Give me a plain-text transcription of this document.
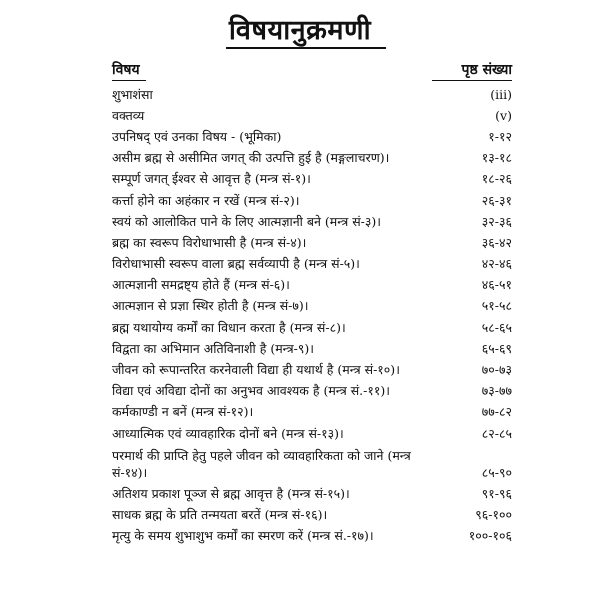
विषयानुक्रमणी
विषय	पृष्ठ संख्या
शुभाशंसा	(iii)
वक्तव्य	(v)
उपनिषद् एवं उनका विषय - (भूमिका)	१-१२
असीम ब्रह्म से असीमित जगत् की उत्पत्ति हुई है (मङ्गलाचरण)।	१३-१८
सम्पूर्ण जगत् ईश्वर से आवृत्त है (मन्त्र सं-१)।	१८-२६
कर्त्ता होने का अहंकार न रखें (मन्त्र सं-२)।	२६-३१
स्वयं को आलोकित पाने के लिए आत्मज्ञानी बने (मन्त्र सं-३)।	३२-३६
ब्रह्म का स्वरूप विरोधाभासी है (मन्त्र सं-४)।	३६-४२
विरोधाभासी स्वरूप वाला ब्रह्म सर्वव्यापी है (मन्त्र सं-५)।	४२-४६
आत्मज्ञानी समद्रष्ट्य होते हैं (मन्त्र सं-६)।	४६-५१
आत्मज्ञान से प्रज्ञा स्थिर होती है (मन्त्र सं-७)।	५१-५८
ब्रह्म यथायोग्य कर्मों का विधान करता है (मन्त्र सं-८)।	५८-६५
विद्वता का अभिमान अतिविनाशी है (मन्त्र-९)।	६५-६९
जीवन को रूपान्तरित करनेवाली विद्या ही यथार्थ है (मन्त्र सं-१०)।	७०-७३
विद्या एवं अविद्या दोनों का अनुभव आवश्यक है (मन्त्र सं.-११)।	७३-७७
कर्मकाण्डी न बनें (मन्त्र सं-१२)।	७७-८२
आध्यात्मिक एवं व्यावहारिक दोनों बने (मन्त्र सं-१३)।	८२-८५
परमार्थ की प्राप्ति हेतु पहले जीवन को व्यावहारिकता को जाने (मन्त्र सं-१४)।	८५-९०
अतिशय प्रकाश पूञ्ज से ब्रह्म आवृत्त है (मन्त्र सं-१५)।	९१-९६
साधक ब्रह्म के प्रति तन्मयता बरतें (मन्त्र सं-१६)।	९६-१००
मृत्यु के समय शुभाशुभ कर्मों का स्मरण करें (मन्त्र सं.-१७)।	१००-१०६
